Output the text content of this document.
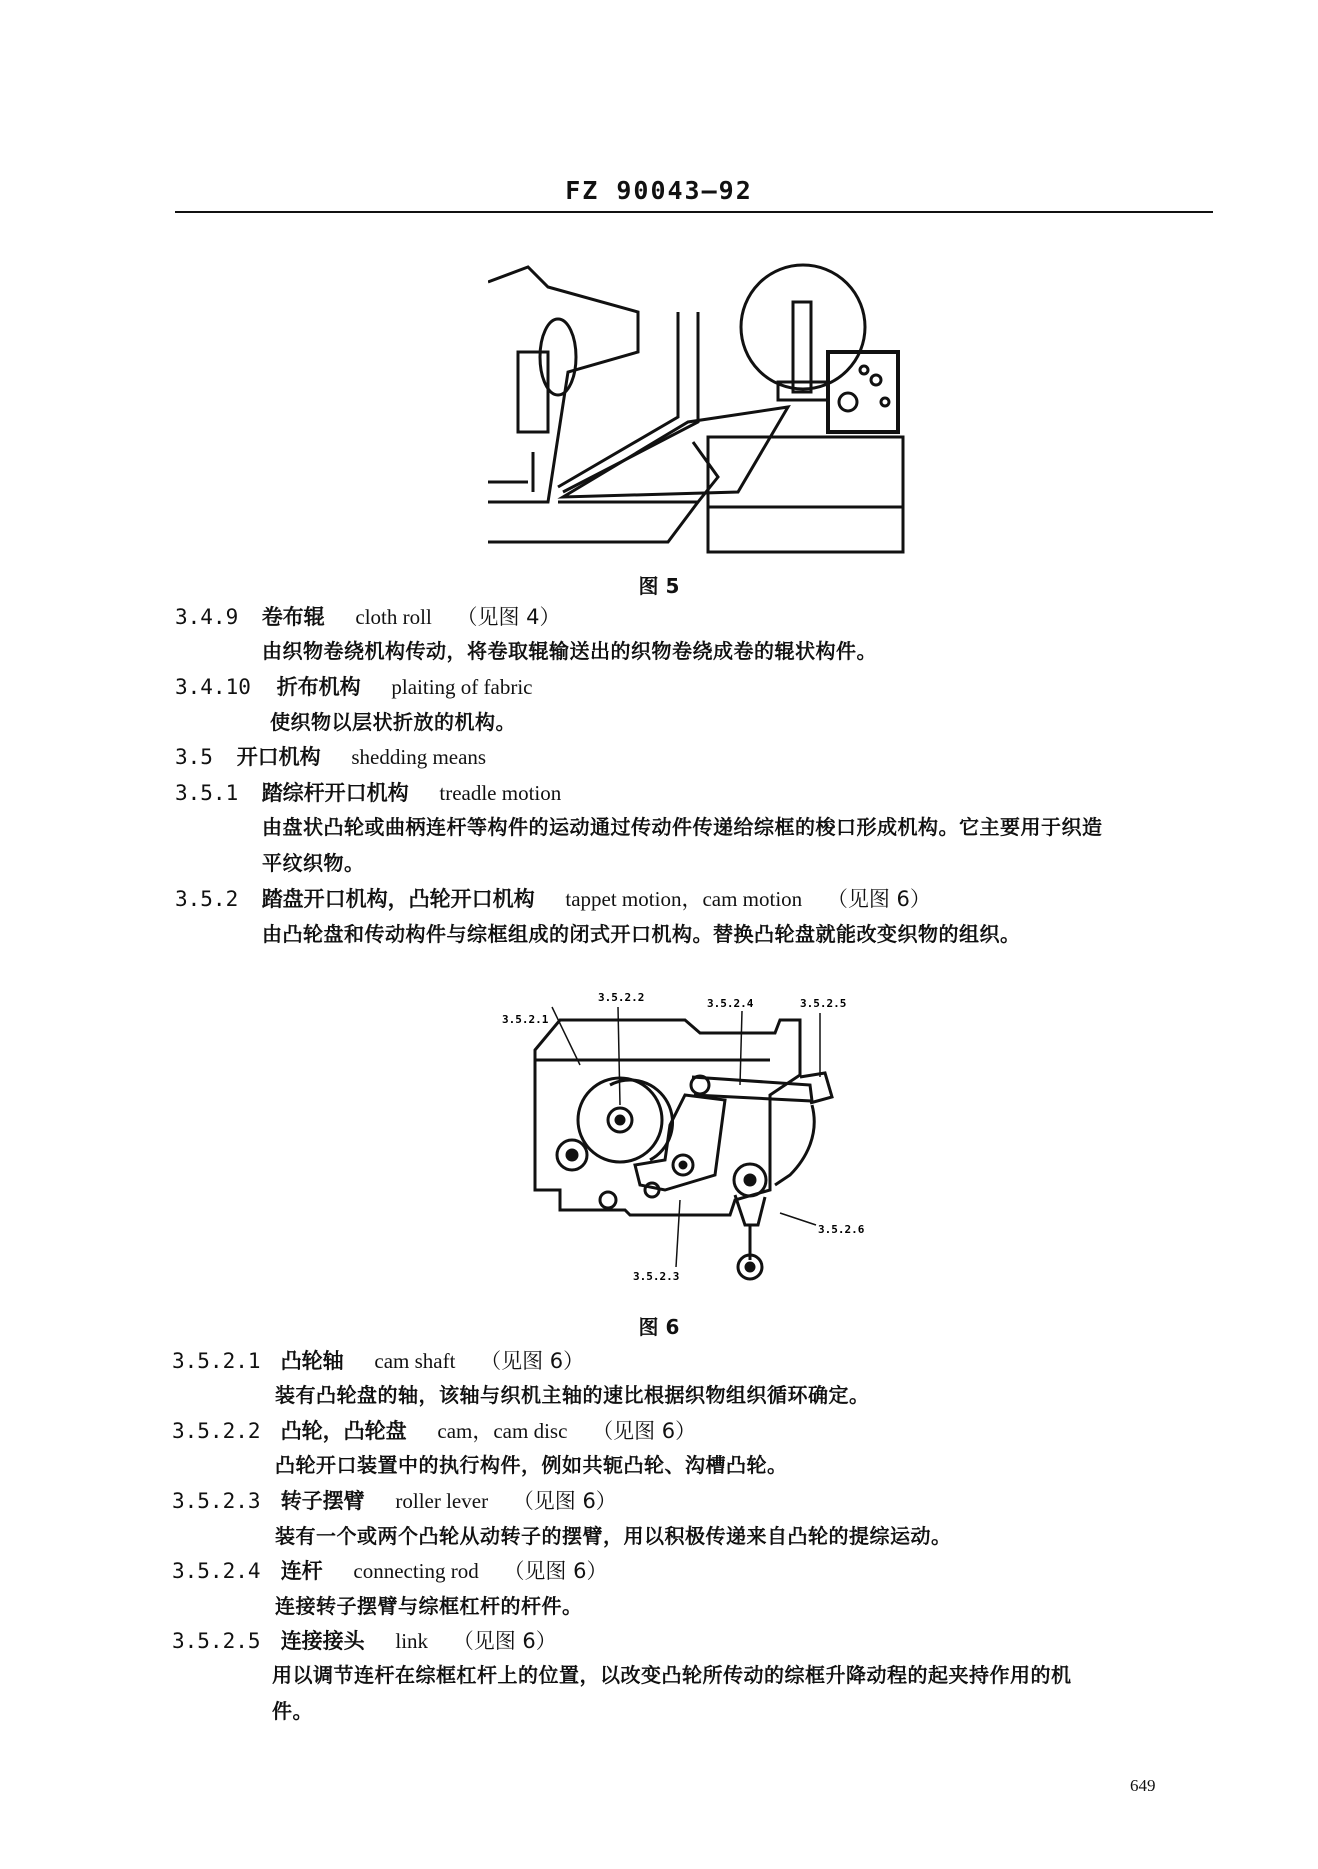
FZ 90043—92
图 5
3.4.9 卷布辊 cloth roll （见图 4）
由织物卷绕机构传动，将卷取辊输送出的织物卷绕成卷的辊状构件。
3.4.10 折布机构 plaiting of fabric
使织物以层状折放的机构。
3.5 开口机构 shedding means
3.5.1 踏综杆开口机构 treadle motion
由盘状凸轮或曲柄连杆等构件的运动通过传动件传递给综框的梭口形成机构。它主要用于织造
平纹织物。
3.5.2 踏盘开口机构，凸轮开口机构 tappet motion，cam motion （见图 6）
由凸轮盘和传动构件与综框组成的闭式开口机构。替换凸轮盘就能改变织物的组织。
3.5.2.1
3.5.2.2	3.5.2.4	3.5.2.5
3.5.2.6
3.5.2.3
图 6
3.5.2.1 凸轮轴 cam shaft （见图 6）
装有凸轮盘的轴，该轴与织机主轴的速比根据织物组织循环确定。
3.5.2.2 凸轮，凸轮盘 cam，cam disc （见图 6）
凸轮开口装置中的执行构件，例如共轭凸轮、沟槽凸轮。
3.5.2.3 转子摆臂 roller lever （见图 6）
装有一个或两个凸轮从动转子的摆臂，用以积极传递来自凸轮的提综运动。
3.5.2.4 连杆 connecting rod （见图 6）
连接转子摆臂与综框杠杆的杆件。
3.5.2.5 连接接头 link （见图 6）
用以调节连杆在综框杠杆上的位置，以改变凸轮所传动的综框升降动程的起夹持作用的机
件。
649
